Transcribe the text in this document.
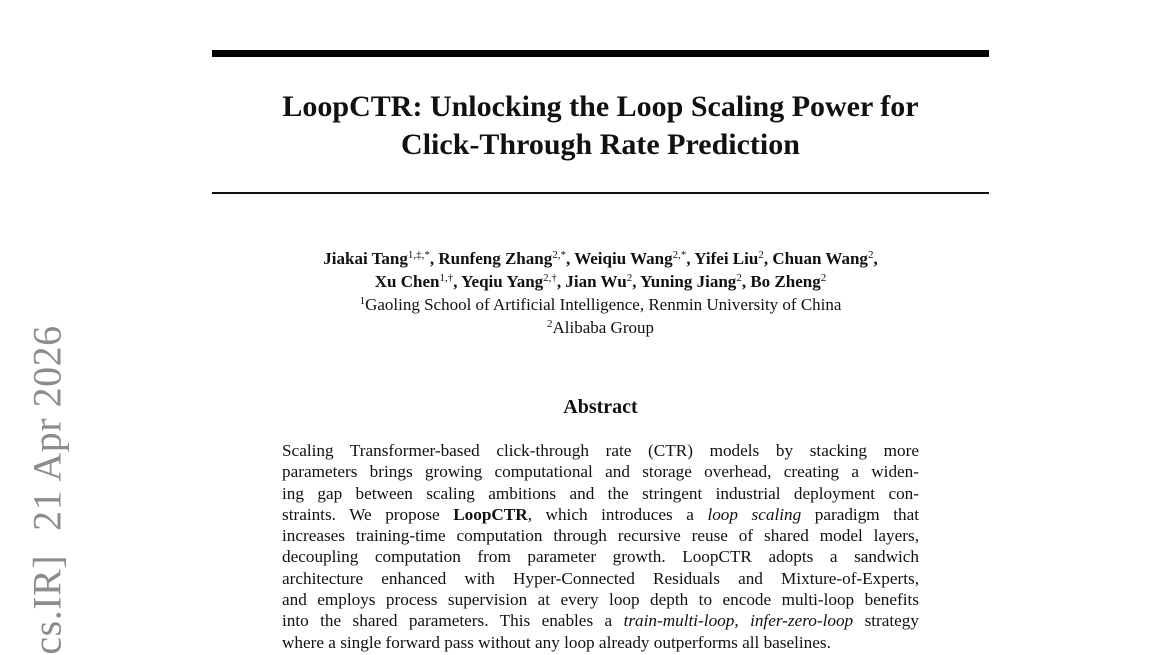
cs.IR]21 Apr 2026
LoopCTR: Unlocking the Loop Scaling Power for
Click-Through Rate Prediction
Jiakai Tang$^{1,\ddagger,*}$, Runfeng Zhang$^{2,*}$, Weiqiu Wang$^{2,*}$, Yifei Liu$^2$, Chuan Wang$^2$,
Xu Chen$^{1,\dagger}$, Yeqiu Yang$^{2,\dagger}$, Jian Wu$^2$, Yuning Jiang$^2$, Bo Zheng$^2$
$^1$Gaoling School of Artificial Intelligence, Renmin University of China
$^2$Alibaba Group
Abstract
Scaling Transformer-based click-through rate (CTR) models by stacking more
parameters brings growing computational and storage overhead, creating a widen-
ing gap between scaling ambitions and the stringent industrial deployment con-
straints. We propose LoopCTR, which introduces a loop scaling paradigm that
increases training-time computation through recursive reuse of shared model layers,
decoupling computation from parameter growth. LoopCTR adopts a sandwich
architecture enhanced with Hyper-Connected Residuals and Mixture-of-Experts,
and employs process supervision at every loop depth to encode multi-loop benefits
into the shared parameters. This enables a train-multi-loop, infer-zero-loop strategy
where a single forward pass without any loop already outperforms all baselines.
